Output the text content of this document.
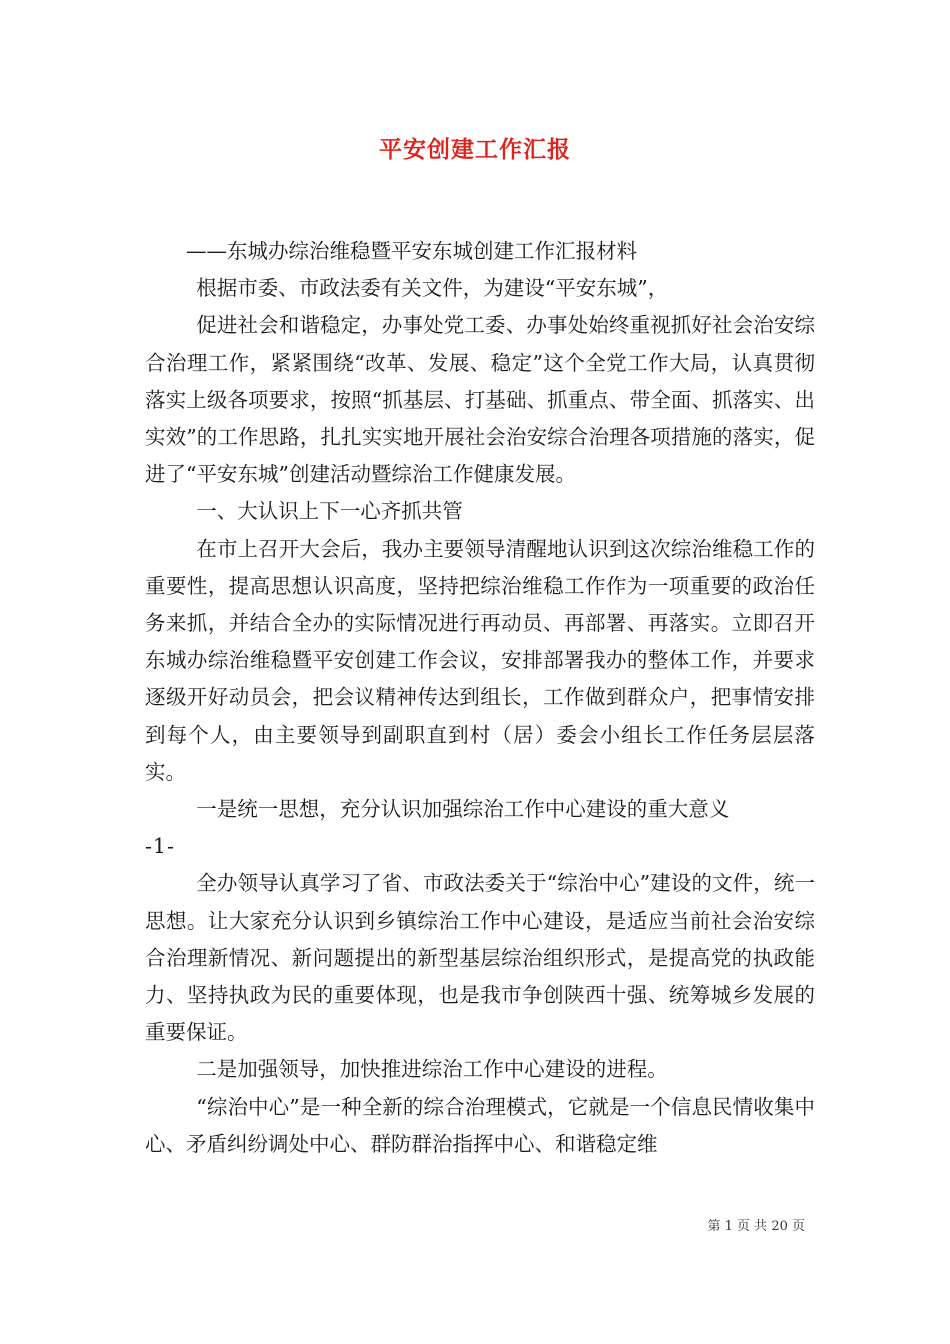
平安创建工作汇报

——东城办综治维稳暨平安东城创建工作汇报材料

根据市委、市政法委有关文件，为建设“平安东城”，

促进社会和谐稳定，办事处党工委、办事处始终重视抓好社会治安综合治理工作，紧紧围绕“改革、发展、稳定”这个全党工作大局，认真贯彻落实上级各项要求，按照“抓基层、打基础、抓重点、带全面、抓落实、出实效”的工作思路，扎扎实实地开展社会治安综合治理各项措施的落实，促进了“平安东城”创建活动暨综治工作健康发展。

一、大认识上下一心齐抓共管

在市上召开大会后，我办主要领导清醒地认识到这次综治维稳工作的重要性，提高思想认识高度，坚持把综治维稳工作作为一项重要的政治任务来抓，并结合全办的实际情况进行再动员、再部署、再落实。立即召开东城办综治维稳暨平安创建工作会议，安排部署我办的整体工作，并要求逐级开好动员会，把会议精神传达到组长，工作做到群众户，把事情安排到每个人，由主要领导到副职直到村（居）委会小组长工作任务层层落实。

一是统一思想，充分认识加强综治工作中心建设的重大意义

-1-

全办领导认真学习了省、市政法委关于“综治中心”建设的文件，统一思想。让大家充分认识到乡镇综治工作中心建设，是适应当前社会治安综合治理新情况、新问题提出的新型基层综治组织形式，是提高党的执政能力、坚持执政为民的重要体现，也是我市争创陕西十强、统筹城乡发展的重要保证。

二是加强领导，加快推进综治工作中心建设的进程。

“综治中心”是一种全新的综合治理模式，它就是一个信息民情收集中心、矛盾纠纷调处中心、群防群治指挥中心、和谐稳定维

第 1 页 共 20 页
